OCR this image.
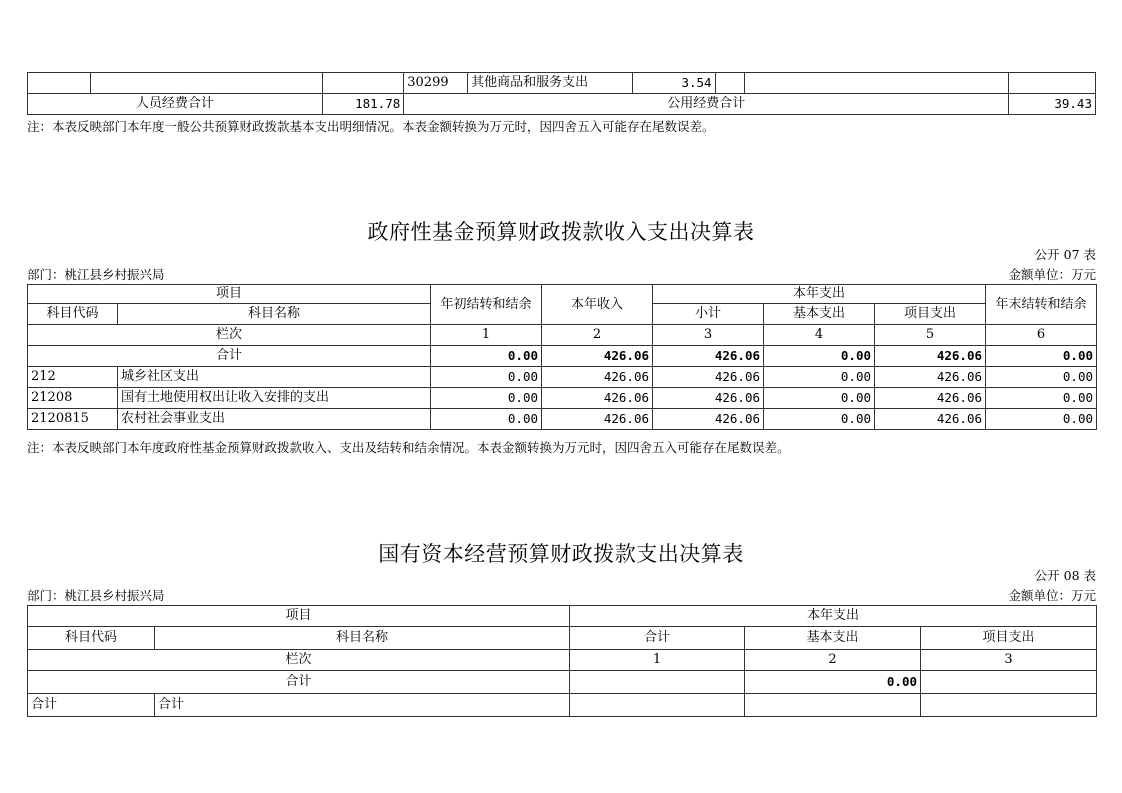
			30299	其他商品和服务支出	3.54			
人员经费合计		181.78	公用经费合计					39.43
注：本表反映部门本年度一般公共预算财政拨款基本支出明细情况。本表金额转换为万元时，因四舍五入可能存在尾数误差。
政府性基金预算财政拨款收入支出决算表
公开 07 表
部门：桃江县乡村振兴局	金额单位：万元
项目		年初结转和结余	本年收入	本年支出			年末结转和结余
科目代码	科目名称			小计	基本支出	项目支出	
栏次		1	2	3	4	5	6
合计		0.00	426.06	426.06	0.00	426.06	0.00
212	城乡社区支出	0.00	426.06	426.06	0.00	426.06	0.00
21208	国有土地使用权出让收入安排的支出	0.00	426.06	426.06	0.00	426.06	0.00
2120815	农村社会事业支出	0.00	426.06	426.06	0.00	426.06	0.00
注：本表反映部门本年度政府性基金预算财政拨款收入、支出及结转和结余情况。本表金额转换为万元时，因四舍五入可能存在尾数误差。
国有资本经营预算财政拨款支出决算表
公开 08 表
部门：桃江县乡村振兴局	金额单位：万元
项目		本年支出		
科目代码	科目名称	合计	基本支出	项目支出
栏次		1	2	3
合计			0.00	
合计	合计			
